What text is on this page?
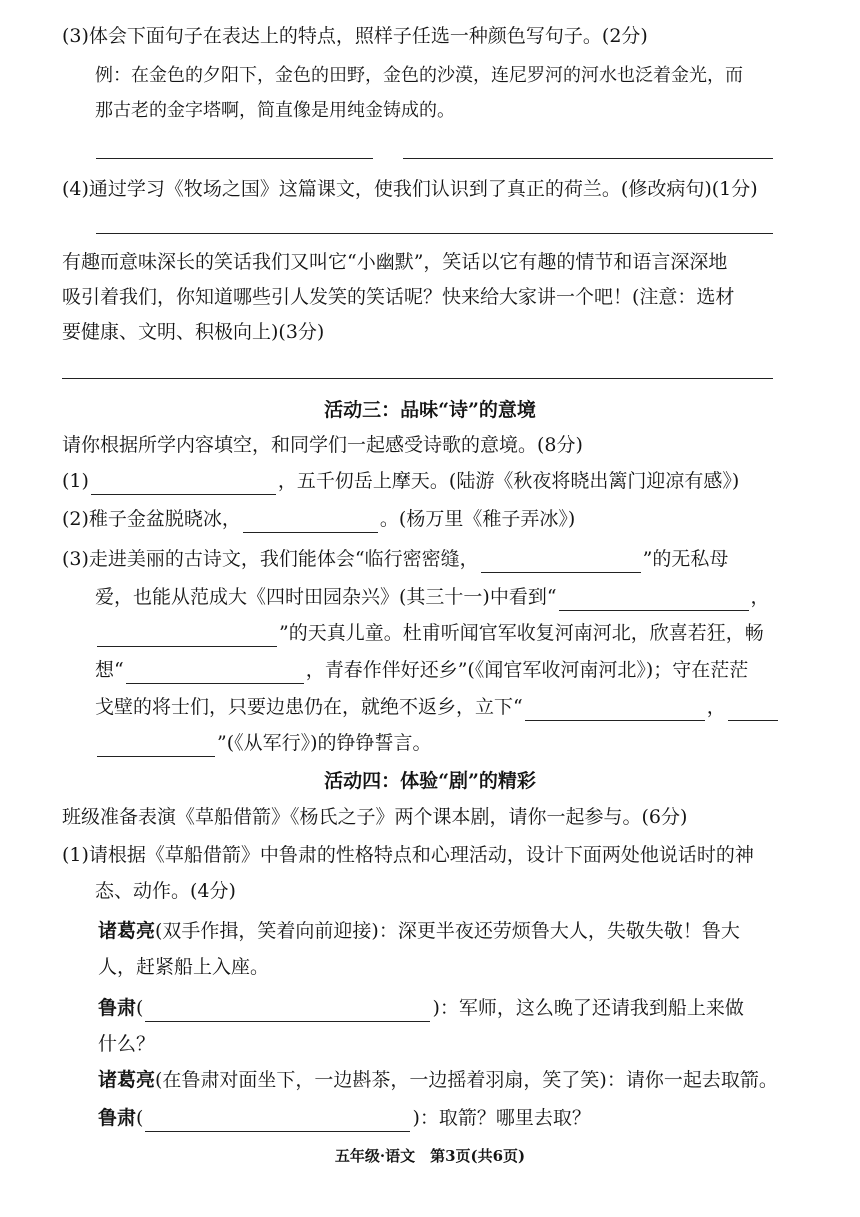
(3)体会下面句子在表达上的特点，照样子任选一种颜色写句子。(2分)
例：在金色的夕阳下，金色的田野，金色的沙漠，连尼罗河的河水也泛着金光，而
那古老的金字塔啊，简直像是用纯金铸成的。
(4)通过学习《牧场之国》这篇课文，使我们认识到了真正的荷兰。(修改病句)(1分)
有趣而意味深长的笑话我们又叫它“小幽默”，笑话以它有趣的情节和语言深深地
吸引着我们，你知道哪些引人发笑的笑话呢？快来给大家讲一个吧！(注意：选材
要健康、文明、积极向上)(3分)
活动三：品味“诗”的意境
请你根据所学内容填空，和同学们一起感受诗歌的意境。(8分)
(1)	，五千仞岳上摩天。(陆游《秋夜将晓出篱门迎凉有感》)
(2)稚子金盆脱晓冰，	。(杨万里《稚子弄冰》)
(3)走进美丽的古诗文，我们能体会“临行密密缝，	”的无私母
爱，也能从范成大《四时田园杂兴》(其三十一)中看到“	，
”的天真儿童。杜甫听闻官军收复河南河北，欣喜若狂，畅
想“	，青春作伴好还乡”(《闻官军收河南河北》)；守在茫茫
戈壁的将士们，只要边患仍在，就绝不返乡，立下“	，
”(《从军行》)的铮铮誓言。
活动四：体验“剧”的精彩
班级准备表演《草船借箭》《杨氏之子》两个课本剧，请你一起参与。(6分)
(1)请根据《草船借箭》中鲁肃的性格特点和心理活动，设计下面两处他说话时的神
态、动作。(4分)
诸葛亮(双手作揖，笑着向前迎接)：深更半夜还劳烦鲁大人，失敬失敬！鲁大
人，赶紧船上入座。
鲁肃(	)：军师，这么晚了还请我到船上来做
什么？
诸葛亮(在鲁肃对面坐下，一边斟茶，一边摇着羽扇，笑了笑)：请你一起去取箭。
鲁肃(	)：取箭？哪里去取？
五年级·语文　第3页(共6页)
